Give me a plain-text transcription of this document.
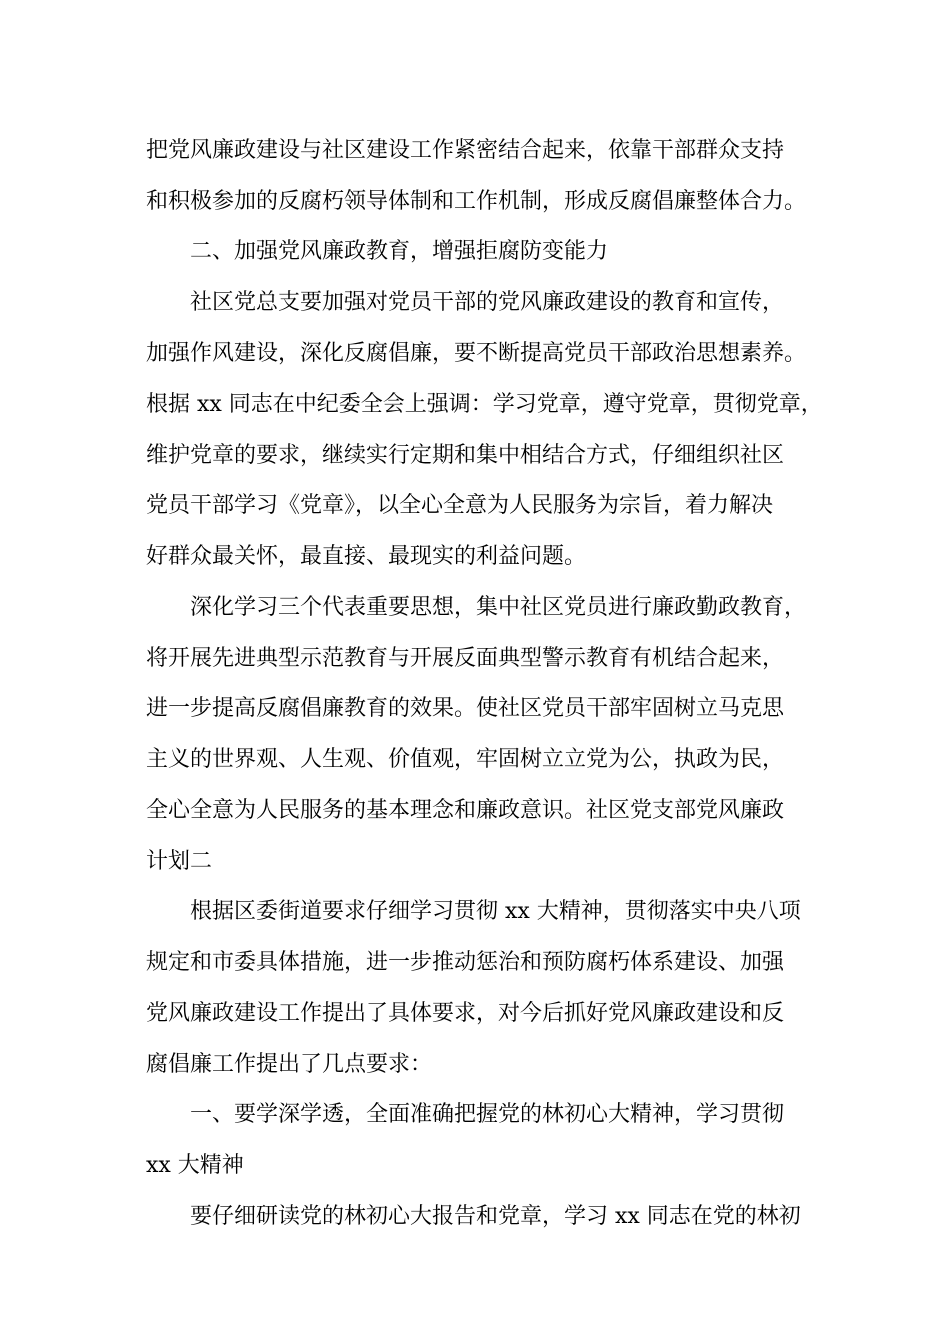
把党风廉政建设与社区建设工作紧密结合起来，依靠干部群众支持

和积极参加的反腐朽领导体制和工作机制，形成反腐倡廉整体合力。

二、加强党风廉政教育，增强拒腐防变能力

社区党总支要加强对党员干部的党风廉政建设的教育和宣传，

加强作风建设，深化反腐倡廉，要不断提高党员干部政治思想素养。

根据 xx 同志在中纪委全会上强调：学习党章，遵守党章，贯彻党章，

维护党章的要求，继续实行定期和集中相结合方式，仔细组织社区

党员干部学习《党章》，以全心全意为人民服务为宗旨，着力解决

好群众最关怀，最直接、最现实的利益问题。

深化学习三个代表重要思想，集中社区党员进行廉政勤政教育，

将开展先进典型示范教育与开展反面典型警示教育有机结合起来，

进一步提高反腐倡廉教育的效果。使社区党员干部牢固树立马克思

主义的世界观、人生观、价值观，牢固树立立党为公，执政为民，

全心全意为人民服务的基本理念和廉政意识。社区党支部党风廉政

计划二

根据区委街道要求仔细学习贯彻 xx 大精神，贯彻落实中央八项

规定和市委具体措施，进一步推动惩治和预防腐朽体系建设、加强

党风廉政建设工作提出了具体要求，对今后抓好党风廉政建设和反

腐倡廉工作提出了几点要求：

一、要学深学透，全面准确把握党的林初心大精神，学习贯彻

xx 大精神

要仔细研读党的林初心大报告和党章，学习 xx 同志在党的林初
